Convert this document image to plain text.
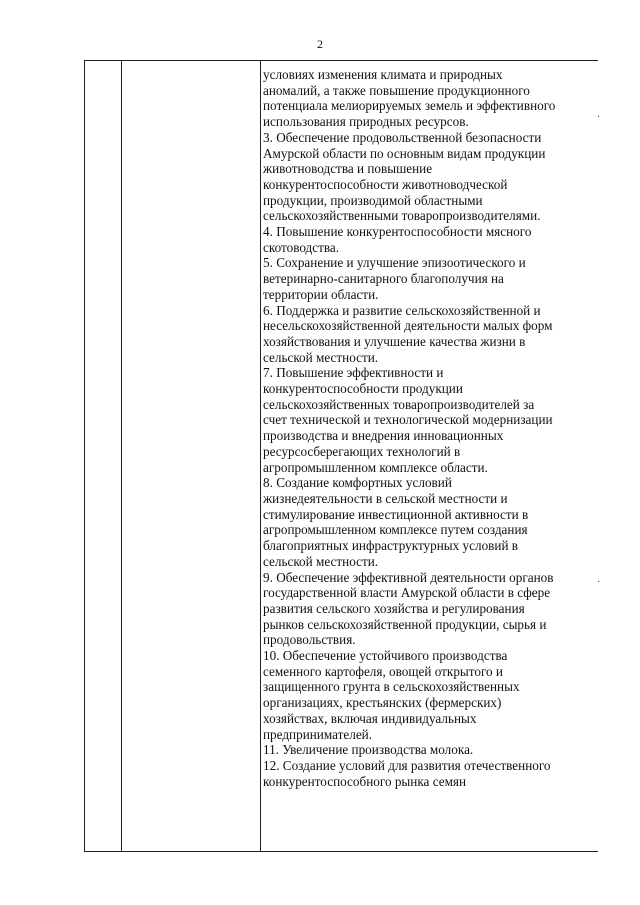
2
условиях изменения климата и природных
аномалий, а также повышение продукционного
потенциала мелиорируемых земель и эффективного
использования природных ресурсов.
3. Обеспечение продовольственной безопасности
Амурской области по основным видам продукции
животноводства и повышение
конкурентоспособности животноводческой
продукции, производимой областными
сельскохозяйственными товаропроизводителями.
4. Повышение конкурентоспособности мясного
скотоводства.
5. Сохранение и улучшение эпизоотического и
ветеринарно-санитарного благополучия на
территории области.
6. Поддержка и развитие сельскохозяйственной и
несельскохозяйственной деятельности малых форм
хозяйствования и улучшение качества жизни в
сельской местности.
7. Повышение эффективности и
конкурентоспособности продукции
сельскохозяйственных товаропроизводителей за
счет технической и технологической модернизации
производства и внедрения инновационных
ресурсосберегающих технологий в
агропромышленном комплексе области.
8. Создание комфортных условий
жизнедеятельности в сельской местности и
стимулирование инвестиционной активности в
агропромышленном комплексе путем создания
благоприятных инфраструктурных условий в
сельской местности.
9. Обеспечение эффективной деятельности органов
государственной власти Амурской области в сфере
развития сельского хозяйства и регулирования
рынков сельскохозяйственной продукции, сырья и
продовольствия.
10. Обеспечение устойчивого производства
семенного картофеля, овощей открытого и
защищенного грунта в сельскохозяйственных
организациях, крестьянских (фермерских)
хозяйствах, включая индивидуальных
предпринимателей.
11. Увеличение производства молока.
12. Создание условий для развития отечественного
конкурентоспособного рынка семян
·
·
